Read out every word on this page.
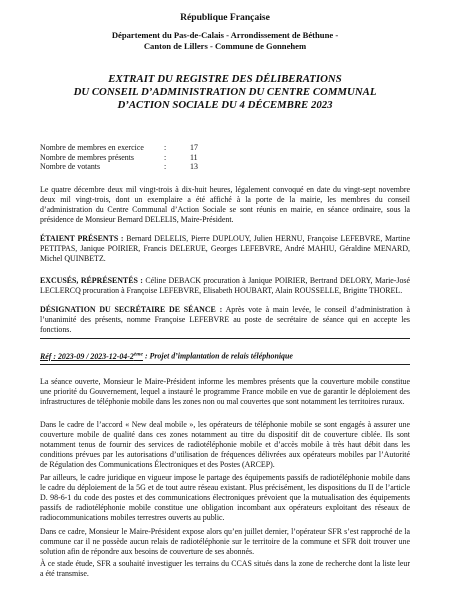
République Française
Département du Pas-de-Calais - Arrondissement de Béthune -
Canton de Lillers - Commune de Gonnehem
EXTRAIT DU REGISTRE DES DÉLIBERATIONS
DU CONSEIL D’ADMINISTRATION DU CENTRE COMMUNAL
D’ACTION SOCIALE DU 4 DÉCEMBRE 2023
Nombre de membres en exercice	:	17
Nombre de membres présents	:	11
Nombre de votants	:	13

Le quatre décembre deux mil vingt-trois à dix-huit heures, légalement convoqué en date du vingt-sept novembre deux mil vingt-trois, dont un exemplaire a été affiché à la porte de la mairie, les membres du conseil d’administration du Centre Communal d’Action Sociale se sont réunis en mairie, en séance ordinaire, sous la présidence de Monsieur Bernard DELELIS, Maire-Président.

ÉTAIENT PRÉSENTS : Bernard DELELIS, Pierre DUPLOUY, Julien HERNU, Françoise LEFEBVRE, Martine PETITPAS, Janique POIRIER, Francis DELERUE, Georges LEFEBVRE, André MAHIU, Géraldine MENARD, Michel QUINBETZ.

EXCUSÉS, RÉPRÉSENTÉS : Céline DEBACK procuration à Janique POIRIER, Bertrand DELORY, Marie-José LECLERCQ procuration à Françoise LEFEBVRE, Elisabeth HOUBART, Alain ROUSSELLE, Brigitte THOREL.

DÉSIGNATION DU SECRÉTAIRE DE SÉANCE : Après vote à main levée, le conseil d’administration à l’unanimité des présents, nomme Françoise LEFEBVRE au poste de secrétaire de séance qui en accepte les fonctions.

Réf : 2023-09 / 2023-12-04-2ème : Projet d’implantation de relais téléphonique

La séance ouverte, Monsieur le Maire-Président informe les membres présents que la couverture mobile constitue une priorité du Gouvernement, lequel a instauré le programme France mobile en vue de garantir le déploiement des infrastructures de téléphonie mobile dans les zones non ou mal couvertes que sont notamment les territoires ruraux.

Dans le cadre de l’accord « New deal mobile », les opérateurs de téléphonie mobile se sont engagés à assurer une couverture mobile de qualité dans ces zones notamment au titre du dispositif dit de couverture ciblée. Ils sont notamment tenus de fournir des services de radiotéléphonie mobile et d’accès mobile à très haut débit dans les conditions prévues par les autorisations d’utilisation de fréquences délivrées aux opérateurs mobiles par l’Autorité de Régulation des Communications Électroniques et des Postes (ARCEP).

Par ailleurs, le cadre juridique en vigueur impose le partage des équipements passifs de radiotéléphonie mobile dans le cadre du déploiement de la 5G et de tout autre réseau existant. Plus précisément, les dispositions du II de l’article D. 98-6-1 du code des postes et des communications électroniques prévoient que la mutualisation des équipements passifs de radiotéléphonie mobile constitue une obligation incombant aux opérateurs exploitant des réseaux de radiocommunications mobiles terrestres ouverts au public.

Dans ce cadre, Monsieur le Maire-Président expose alors qu’en juillet dernier, l’opérateur SFR s’est rapproché de la commune car il ne possède aucun relais de radiotéléphonie sur le territoire de la commune et SFR doit trouver une solution afin de répondre aux besoins de couverture de ses abonnés.

À ce stade étude, SFR a souhaité investiguer les terrains du CCAS situés dans la zone de recherche dont la liste leur a été transmise.
